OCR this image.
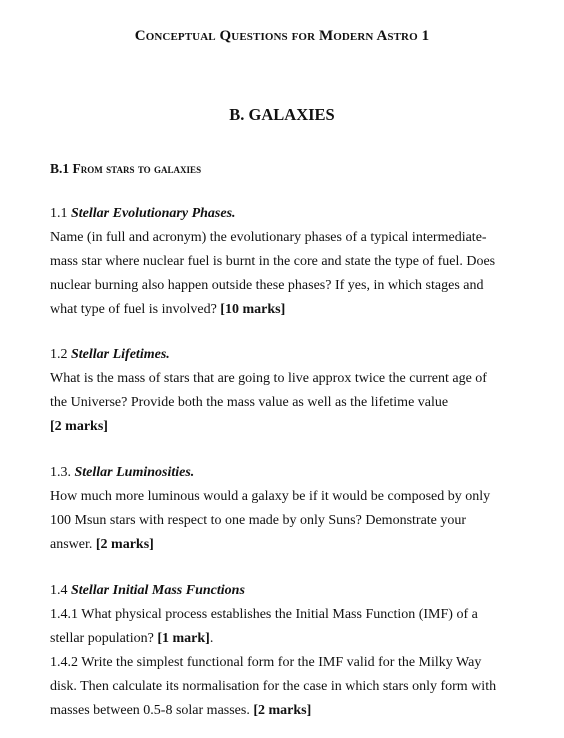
Conceptual Questions for Modern Astro 1
B. GALAXIES
B.1 From stars to galaxies
1.1 Stellar Evolutionary Phases.
Name (in full and acronym) the evolutionary phases of a typical intermediate-
mass star where nuclear fuel is burnt in the core and state the type of fuel. Does
nuclear burning also happen outside these phases? If yes, in which stages and
what type of fuel is involved? [10 marks]
1.2 Stellar Lifetimes.
What is the mass of stars that are going to live approx twice the current age of
the Universe? Provide both the mass value as well as the lifetime value
[2 marks]
1.3. Stellar Luminosities.
How much more luminous would a galaxy be if it would be composed by only
100 Msun stars with respect to one made by only Suns? Demonstrate your
answer. [2 marks]
1.4 Stellar Initial Mass Functions
1.4.1 What physical process establishes the Initial Mass Function (IMF) of a
stellar population? [1 mark].
1.4.2 Write the simplest functional form for the IMF valid for the Milky Way
disk. Then calculate its normalisation for the case in which stars only form with
masses between 0.5-8 solar masses. [2 marks]
